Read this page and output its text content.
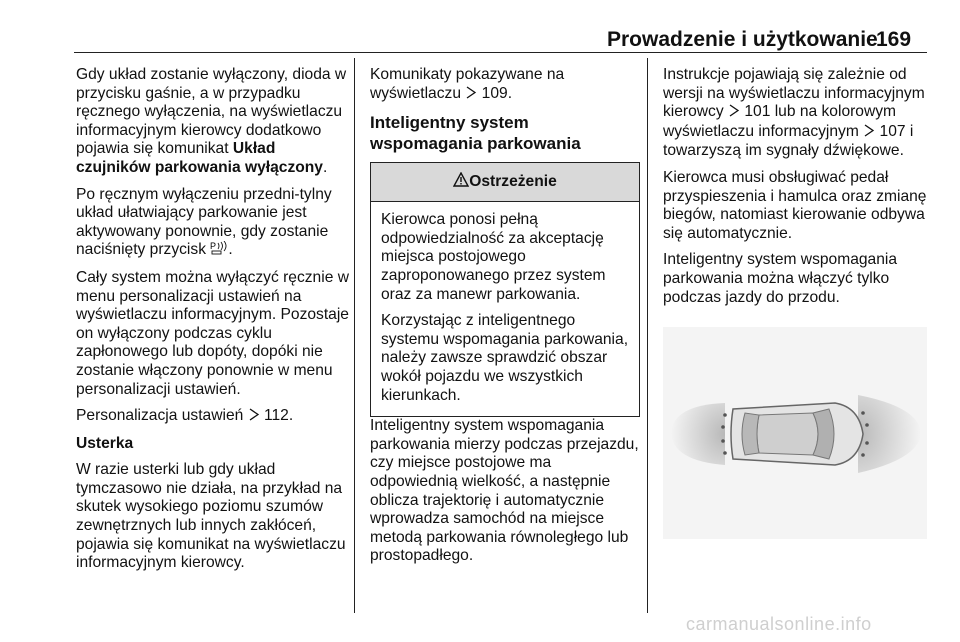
Prowadzenie i użytkowanie
169

Gdy układ zostanie wyłączony, dioda w przycisku gaśnie, a w przypadku ręcznego wyłączenia, na wyświetlaczu informacyjnym kierowcy dodatkowo pojawia się komunikat Układ czujników parkowania wyłączony.

Po ręcznym wyłączeniu przedni-tylny układ ułatwiający parkowanie jest aktywowany ponownie, gdy zostanie naciśnięty przycisk P .

Cały system można wyłączyć ręcznie w menu personalizacji ustawień na wyświetlaczu informacyjnym. Pozostaje on wyłączony podczas cyklu zapłonowego lub dopóty, dopóki nie zostanie włączony ponownie w menu personalizacji ustawień.

Personalizacja ustawień  112.

Usterka

W razie usterki lub gdy układ tymczasowo nie działa, na przykład na skutek wysokiego poziomu szumów zewnętrznych lub innych zakłóceń, pojawia się komunikat na wyświetlaczu informacyjnym kierowcy.

Komunikaty pokazywane na wyświetlaczu  109.

Inteligentny system wspomagania parkowania

Ostrzeżenie

Kierowca ponosi pełną odpowiedzialność za akceptację miejsca postojowego zaproponowanego przez system oraz za manewr parkowania.

Korzystając z inteligentnego systemu wspomagania parkowania, należy zawsze sprawdzić obszar wokół pojazdu we wszystkich kierunkach.

Inteligentny system wspomagania parkowania mierzy podczas przejazdu, czy miejsce postojowe ma odpowiednią wielkość, a następnie oblicza trajektorię i automatycznie wprowadza samochód na miejsce metodą parkowania równoległego lub prostopadłego.

Instrukcje pojawiają się zależnie od wersji na wyświetlaczu informacyjnym kierowcy  101 lub na kolorowym wyświetlaczu informacyjnym  107 i towarzyszą im sygnały dźwiękowe.

Kierowca musi obsługiwać pedał przyspieszenia i hamulca oraz zmianę biegów, natomiast kierowanie odbywa się automatycznie.

Inteligentny system wspomagania parkowania można włączyć tylko podczas jazdy do przodu.

carmanualsonline.info
